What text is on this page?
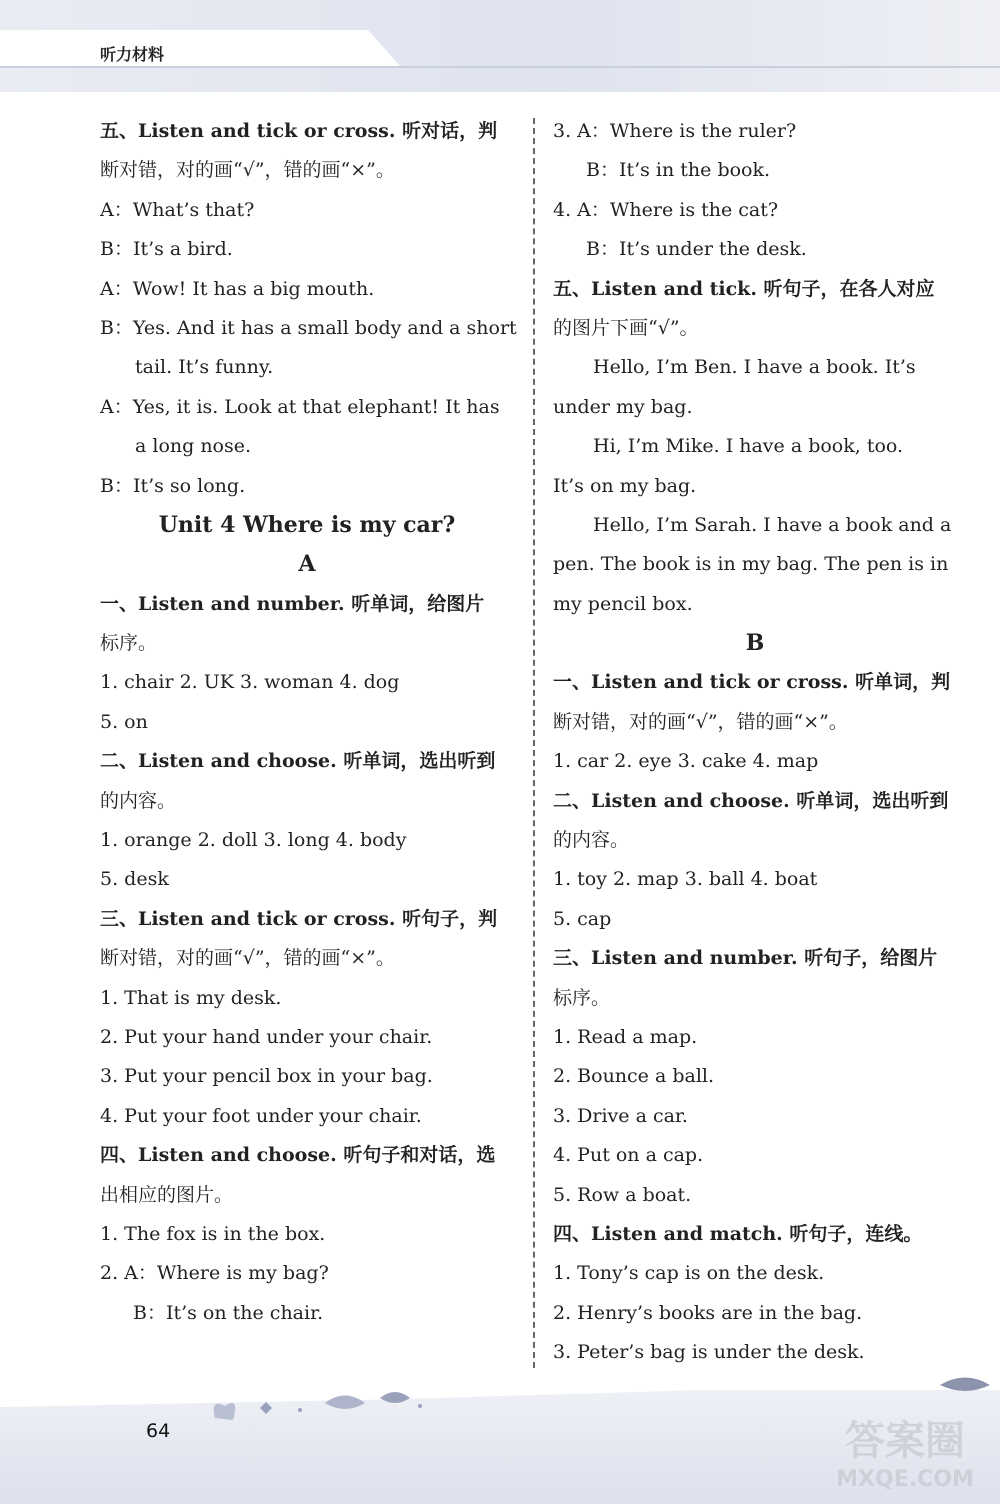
听力材料
五、Listen and tick or cross. 听对话，判
断对错，对的画“√”，错的画“×”。
A：What’s that?
B：It’s a bird.
A：Wow! It has a big mouth.
B：Yes. And it has a small body and a short
tail. It’s funny.
A：Yes, it is. Look at that elephant! It has
a long nose.
B：It’s so long.
Unit 4 Where is my car?
A
一、Listen and number. 听单词，给图片
标序。
1. chair 2. UK 3. woman 4. dog
5. on
二、Listen and choose. 听单词，选出听到
的内容。
1. orange 2. doll 3. long 4. body
5. desk
三、Listen and tick or cross. 听句子，判
断对错，对的画“√”，错的画“×”。
1. That is my desk.
2. Put your hand under your chair.
3. Put your pencil box in your bag.
4. Put your foot under your chair.
四、Listen and choose. 听句子和对话，选
出相应的图片。
1. The fox is in the box.
2. A：Where is my bag?
B：It’s on the chair.
3. A：Where is the ruler?
B：It’s in the book.
4. A：Where is the cat?
B：It’s under the desk.
五、Listen and tick. 听句子，在各人对应
的图片下画“√”。
Hello, I’m Ben. I have a book. It’s
under my bag.
Hi, I’m Mike. I have a book, too.
It’s on my bag.
Hello, I’m Sarah. I have a book and a
pen. The book is in my bag. The pen is in
my pencil box.
B
一、Listen and tick or cross. 听单词，判
断对错，对的画“√”，错的画“×”。
1. car 2. eye 3. cake 4. map
二、Listen and choose. 听单词，选出听到
的内容。
1. toy 2. map 3. ball 4. boat
5. cap
三、Listen and number. 听句子，给图片
标序。
1. Read a map.
2. Bounce a ball.
3. Drive a car.
4. Put on a cap.
5. Row a boat.
四、Listen and match. 听句子，连线。
1. Tony’s cap is on the desk.
2. Henry’s books are in the bag.
3. Peter’s bag is under the desk.
64	答案圈
MXQE.COM
